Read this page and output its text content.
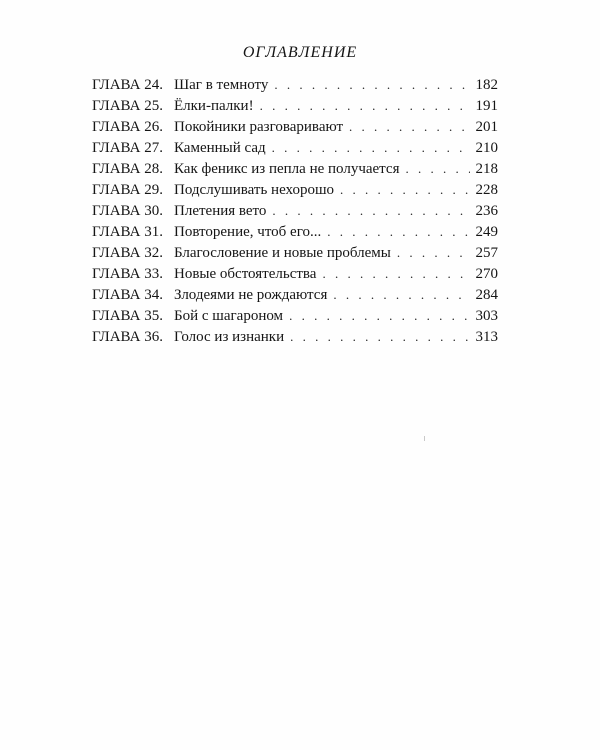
ОГЛАВЛЕНИЕ
ГЛАВА 24. Шаг в темноту . . .	182
ГЛАВА 25. Ёлки-палки! . . .	191
ГЛАВА 26. Покойники разговаривают . . .	201
ГЛАВА 27. Каменный сад . . .	210
ГЛАВА 28. Как феникс из пепла не получается . . .	218
ГЛАВА 29. Подслушивать нехорошо . . .	228
ГЛАВА 30. Плетения вето . . .	236
ГЛАВА 31. Повторение, чтоб его... . . .	249
ГЛАВА 32. Благословение и новые проблемы . . .	257
ГЛАВА 33. Новые обстоятельства . . .	270
ГЛАВА 34. Злодеями не рождаются . . .	284
ГЛАВА 35. Бой с шагароном . . .	303
ГЛАВА 36. Голос из изнанки . . .	313
